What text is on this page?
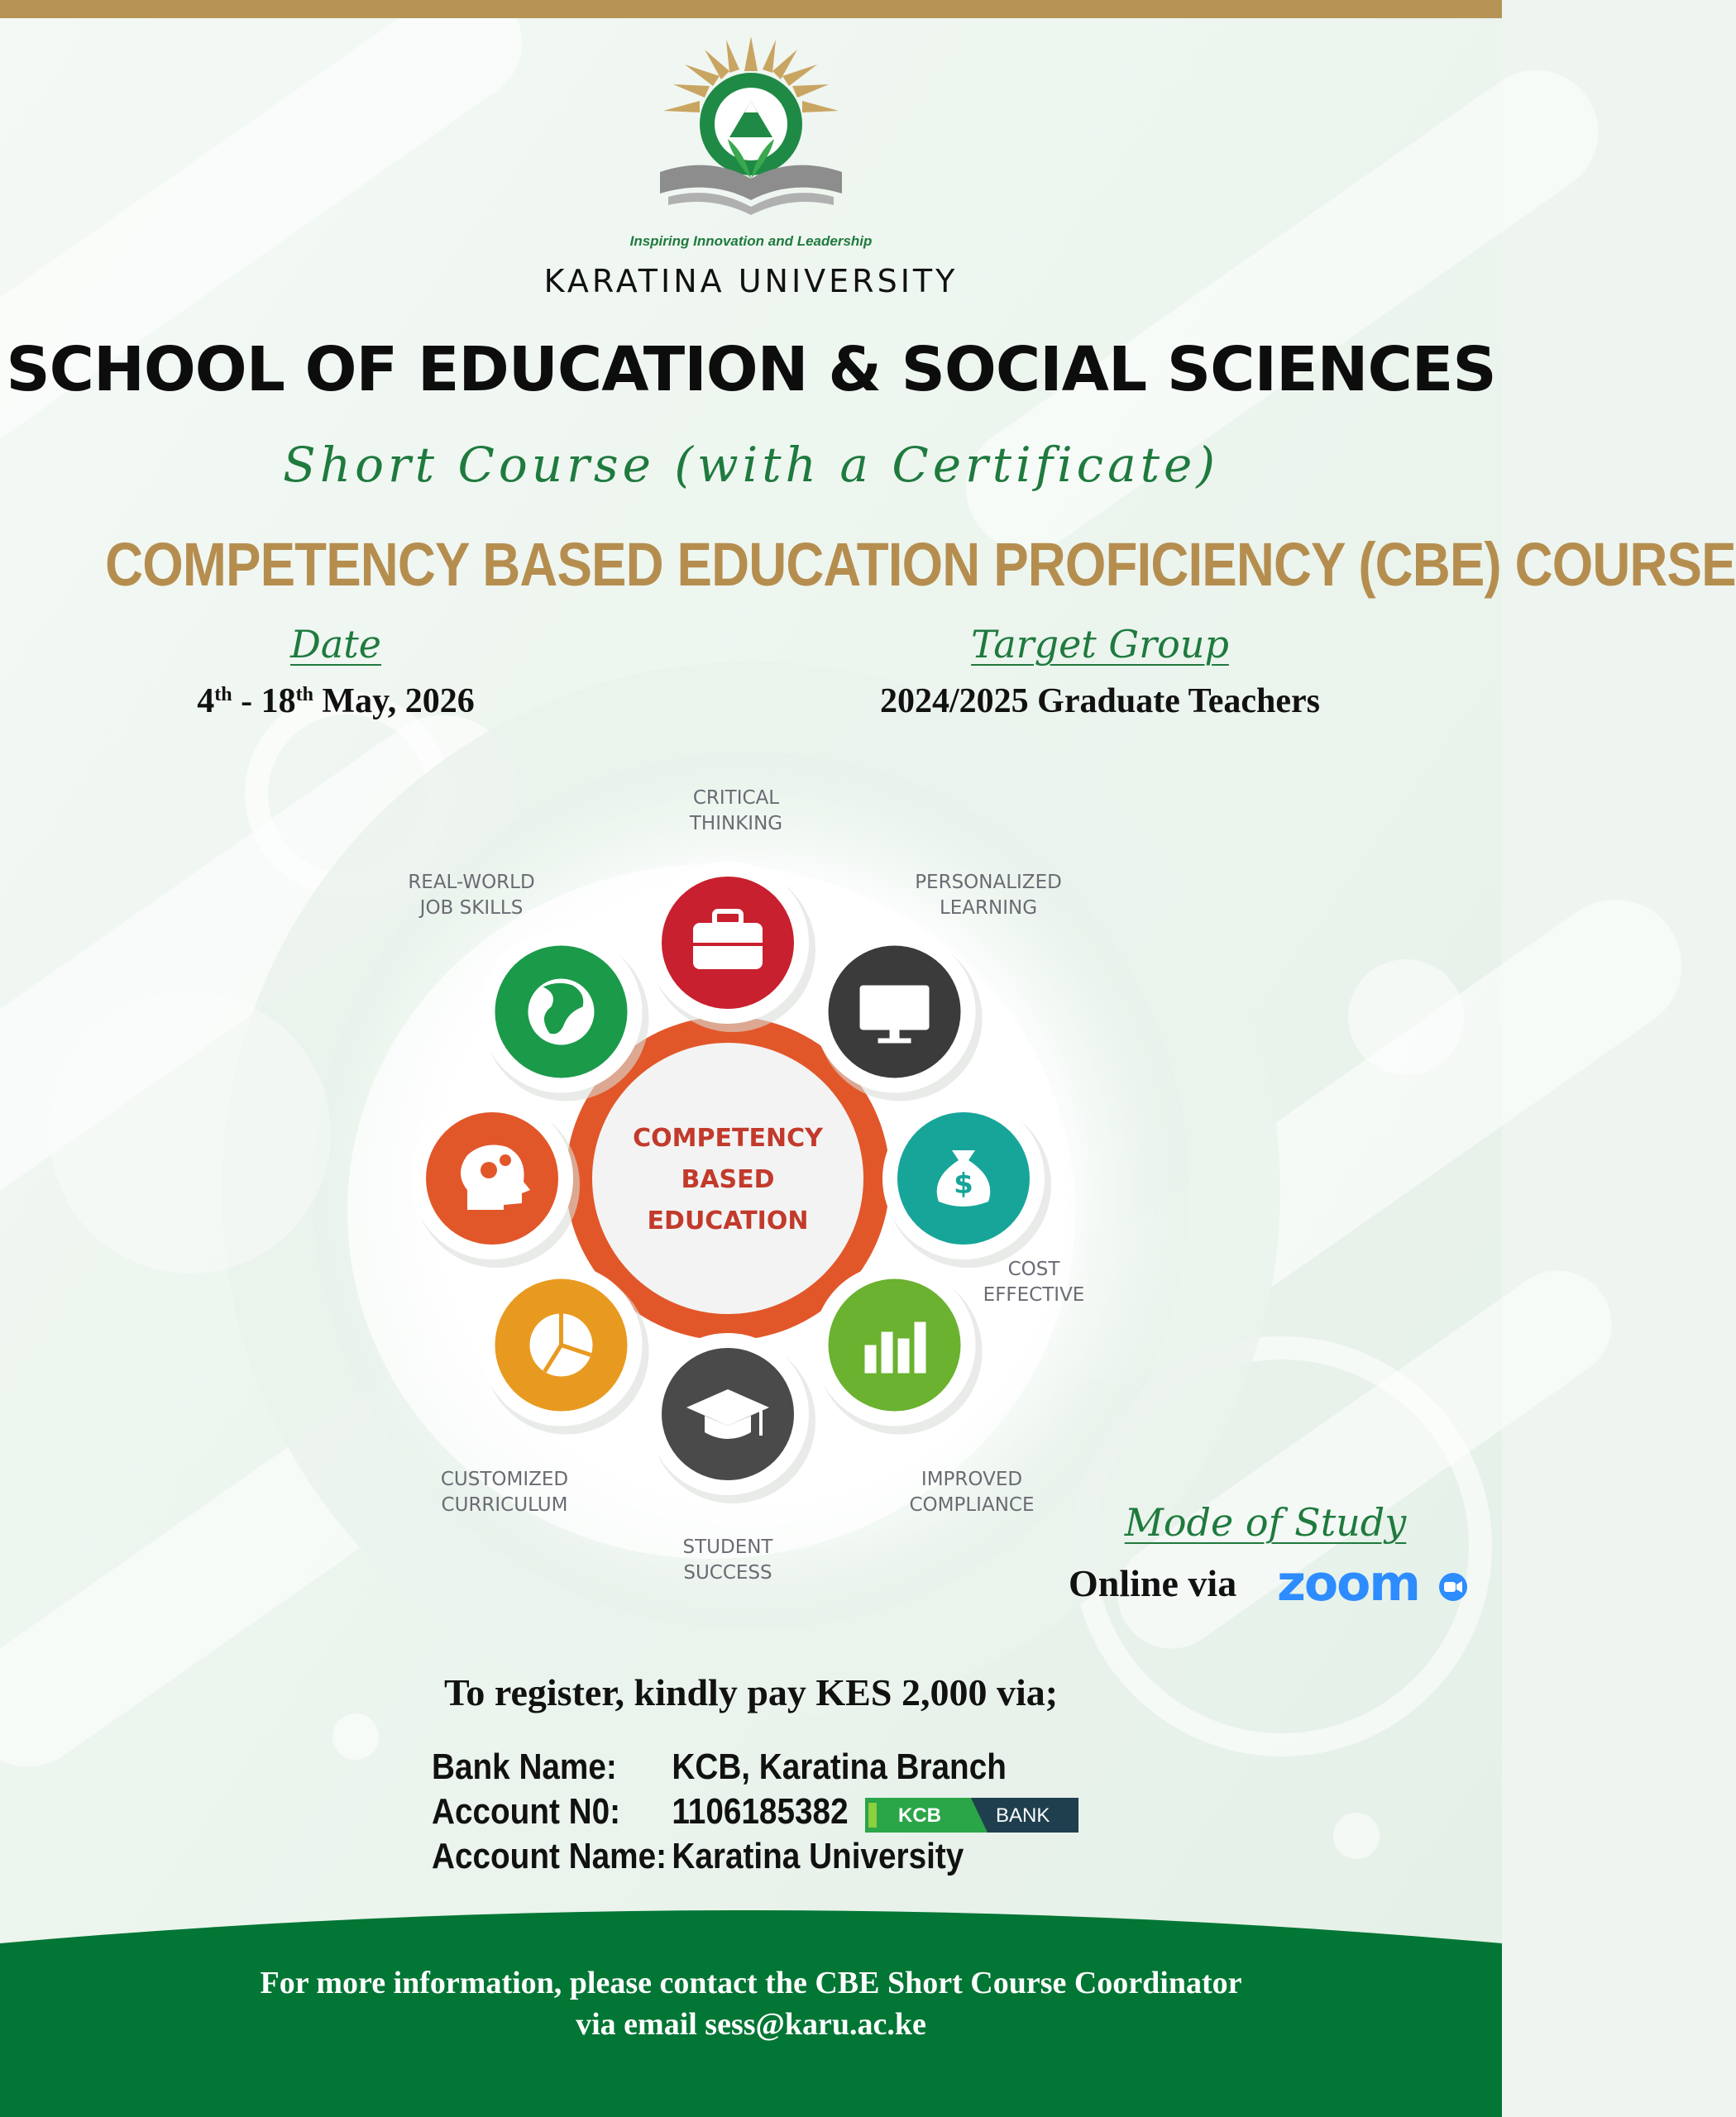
Inspiring Innovation and Leadership
KARATINA UNIVERSITY
SCHOOL OF EDUCATION & SOCIAL SCIENCES
Short Course (with a Certificate)
COMPETENCY BASED EDUCATION PROFICIENCY (CBE) COURSE
Date
4th - 18th May, 2026
Target Group
2024/2025 Graduate Teachers
$
COMPETENCY
BASED
EDUCATION
CRITICAL
THINKING
PERSONALIZED
LEARNING
COST
EFFECTIVE
IMPROVED
COMPLIANCE
STUDENT
SUCCESS
CUSTOMIZED
CURRICULUM
REAL-WORLD
JOB SKILLS
Mode of Study
Online via zoom
To register, kindly pay KES 2,000 via;
Bank Name: KCB, Karatina Branch
Account N0: 1106185382
Account Name: Karatina University
KCB	BANK
For more information, please contact the CBE Short Course Coordinator
via email sess@karu.ac.ke
